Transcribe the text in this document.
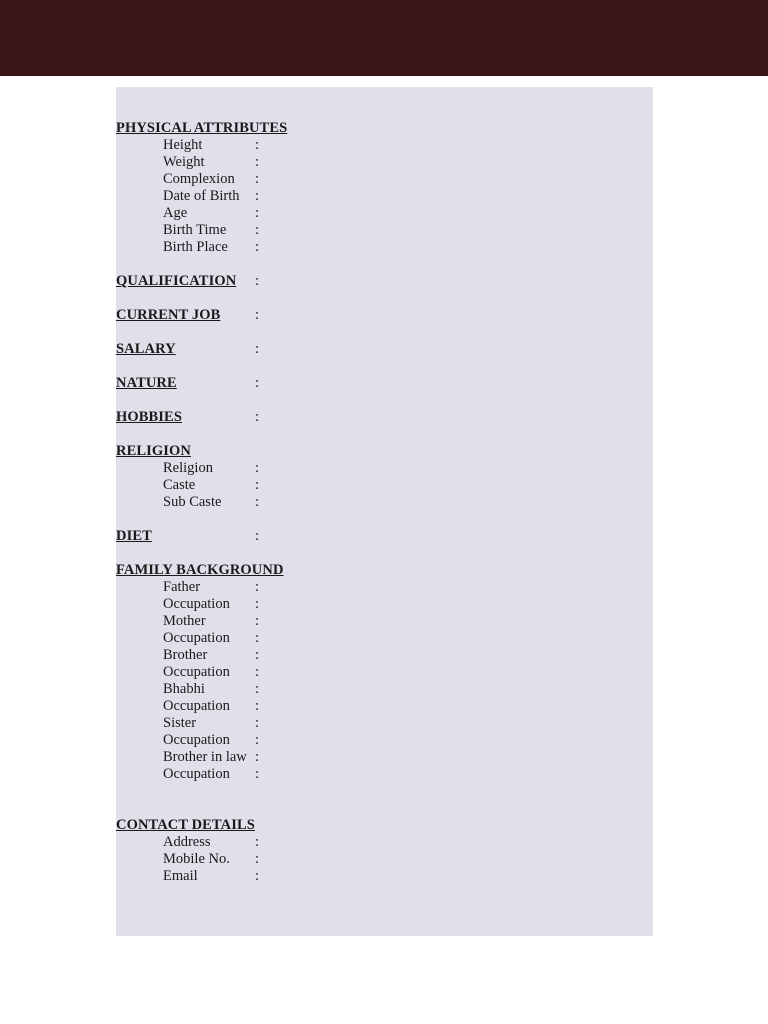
PHYSICAL ATTRIBUTES
Height	:
Weight	:
Complexion :
Date of Birth :
Age	:
Birth Time :
Birth Place :
QUALIFICATION :
CURRENT JOB :
SALARY	:
NATURE	:
HOBBIES	:
RELIGION
Religion	:
Caste	:
Sub Caste :
DIET	:
FAMILY BACKGROUND
Father	:
Occupation :
Mother	:
Occupation :
Brother	:
Occupation :
Bhabhi	:
Occupation :
Sister	:
Occupation :
Brother in law :
Occupation :
CONTACT DETAILS
Address	:
Mobile No. :
Email	:
